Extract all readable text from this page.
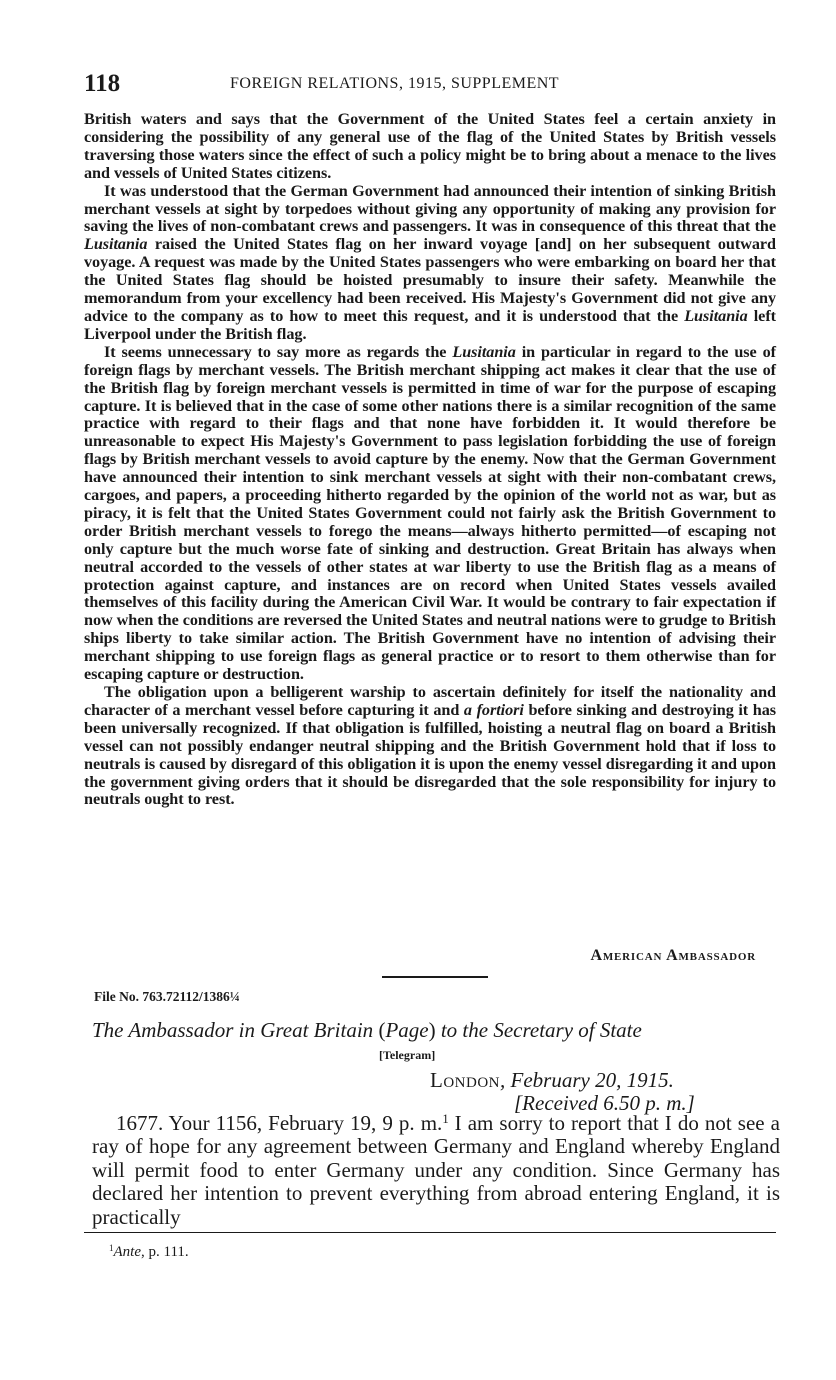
118	FOREIGN RELATIONS, 1915, SUPPLEMENT

British waters and says that the Government of the United States feel a certain anxiety in considering the possibility of any general use of the flag of the United States by British vessels traversing those waters since the effect of such a policy might be to bring about a menace to the lives and vessels of United States citizens.

It was understood that the German Government had announced their intention of sinking British merchant vessels at sight by torpedoes without giving any opportunity of making any provision for saving the lives of non-combatant crews and passengers. It was in consequence of this threat that the Lusitania raised the United States flag on her inward voyage [and] on her subsequent outward voyage. A request was made by the United States passengers who were embarking on board her that the United States flag should be hoisted presumably to insure their safety. Meanwhile the memorandum from your excellency had been received. His Majesty's Government did not give any advice to the company as to how to meet this request, and it is understood that the Lusitania left Liverpool under the British flag.

It seems unnecessary to say more as regards the Lusitania in particular in regard to the use of foreign flags by merchant vessels. The British merchant shipping act makes it clear that the use of the British flag by foreign merchant vessels is permitted in time of war for the purpose of escaping capture. It is believed that in the case of some other nations there is a similar recognition of the same practice with regard to their flags and that none have forbidden it. It would therefore be unreasonable to expect His Majesty's Government to pass legislation forbidding the use of foreign flags by British merchant vessels to avoid capture by the enemy. Now that the German Government have announced their intention to sink merchant vessels at sight with their non-combatant crews, cargoes, and papers, a proceeding hitherto regarded by the opinion of the world not as war, but as piracy, it is felt that the United States Government could not fairly ask the British Government to order British merchant vessels to forego the means—always hitherto permitted—of escaping not only capture but the much worse fate of sinking and destruction. Great Britain has always when neutral accorded to the vessels of other states at war liberty to use the British flag as a means of protection against capture, and instances are on record when United States vessels availed themselves of this facility during the American Civil War. It would be contrary to fair expectation if now when the conditions are reversed the United States and neutral nations were to grudge to British ships liberty to take similar action. The British Government have no intention of advising their merchant shipping to use foreign flags as general practice or to resort to them otherwise than for escaping capture or destruction.

The obligation upon a belligerent warship to ascertain definitely for itself the nationality and character of a merchant vessel before capturing it and a fortiori before sinking and destroying it has been universally recognized. If that obligation is fulfilled, hoisting a neutral flag on board a British vessel can not possibly endanger neutral shipping and the British Government hold that if loss to neutrals is caused by disregard of this obligation it is upon the enemy vessel disregarding it and upon the government giving orders that it should be disregarded that the sole responsibility for injury to neutrals ought to rest.

American Ambassador
File No. 763.72112/1386¼
The Ambassador in Great Britain (Page) to the Secretary of State
[Telegram]
London, February 20, 1915.
[Received 6.50 p. m.]

1677. Your 1156, February 19, 9 p. m.$^1$ I am sorry to report that I do not see a ray of hope for any agreement between Germany and England whereby England will permit food to enter Germany under any condition. Since Germany has declared her intention to prevent everything from abroad entering England, it is practically

$^1$Ante, p. 111.
